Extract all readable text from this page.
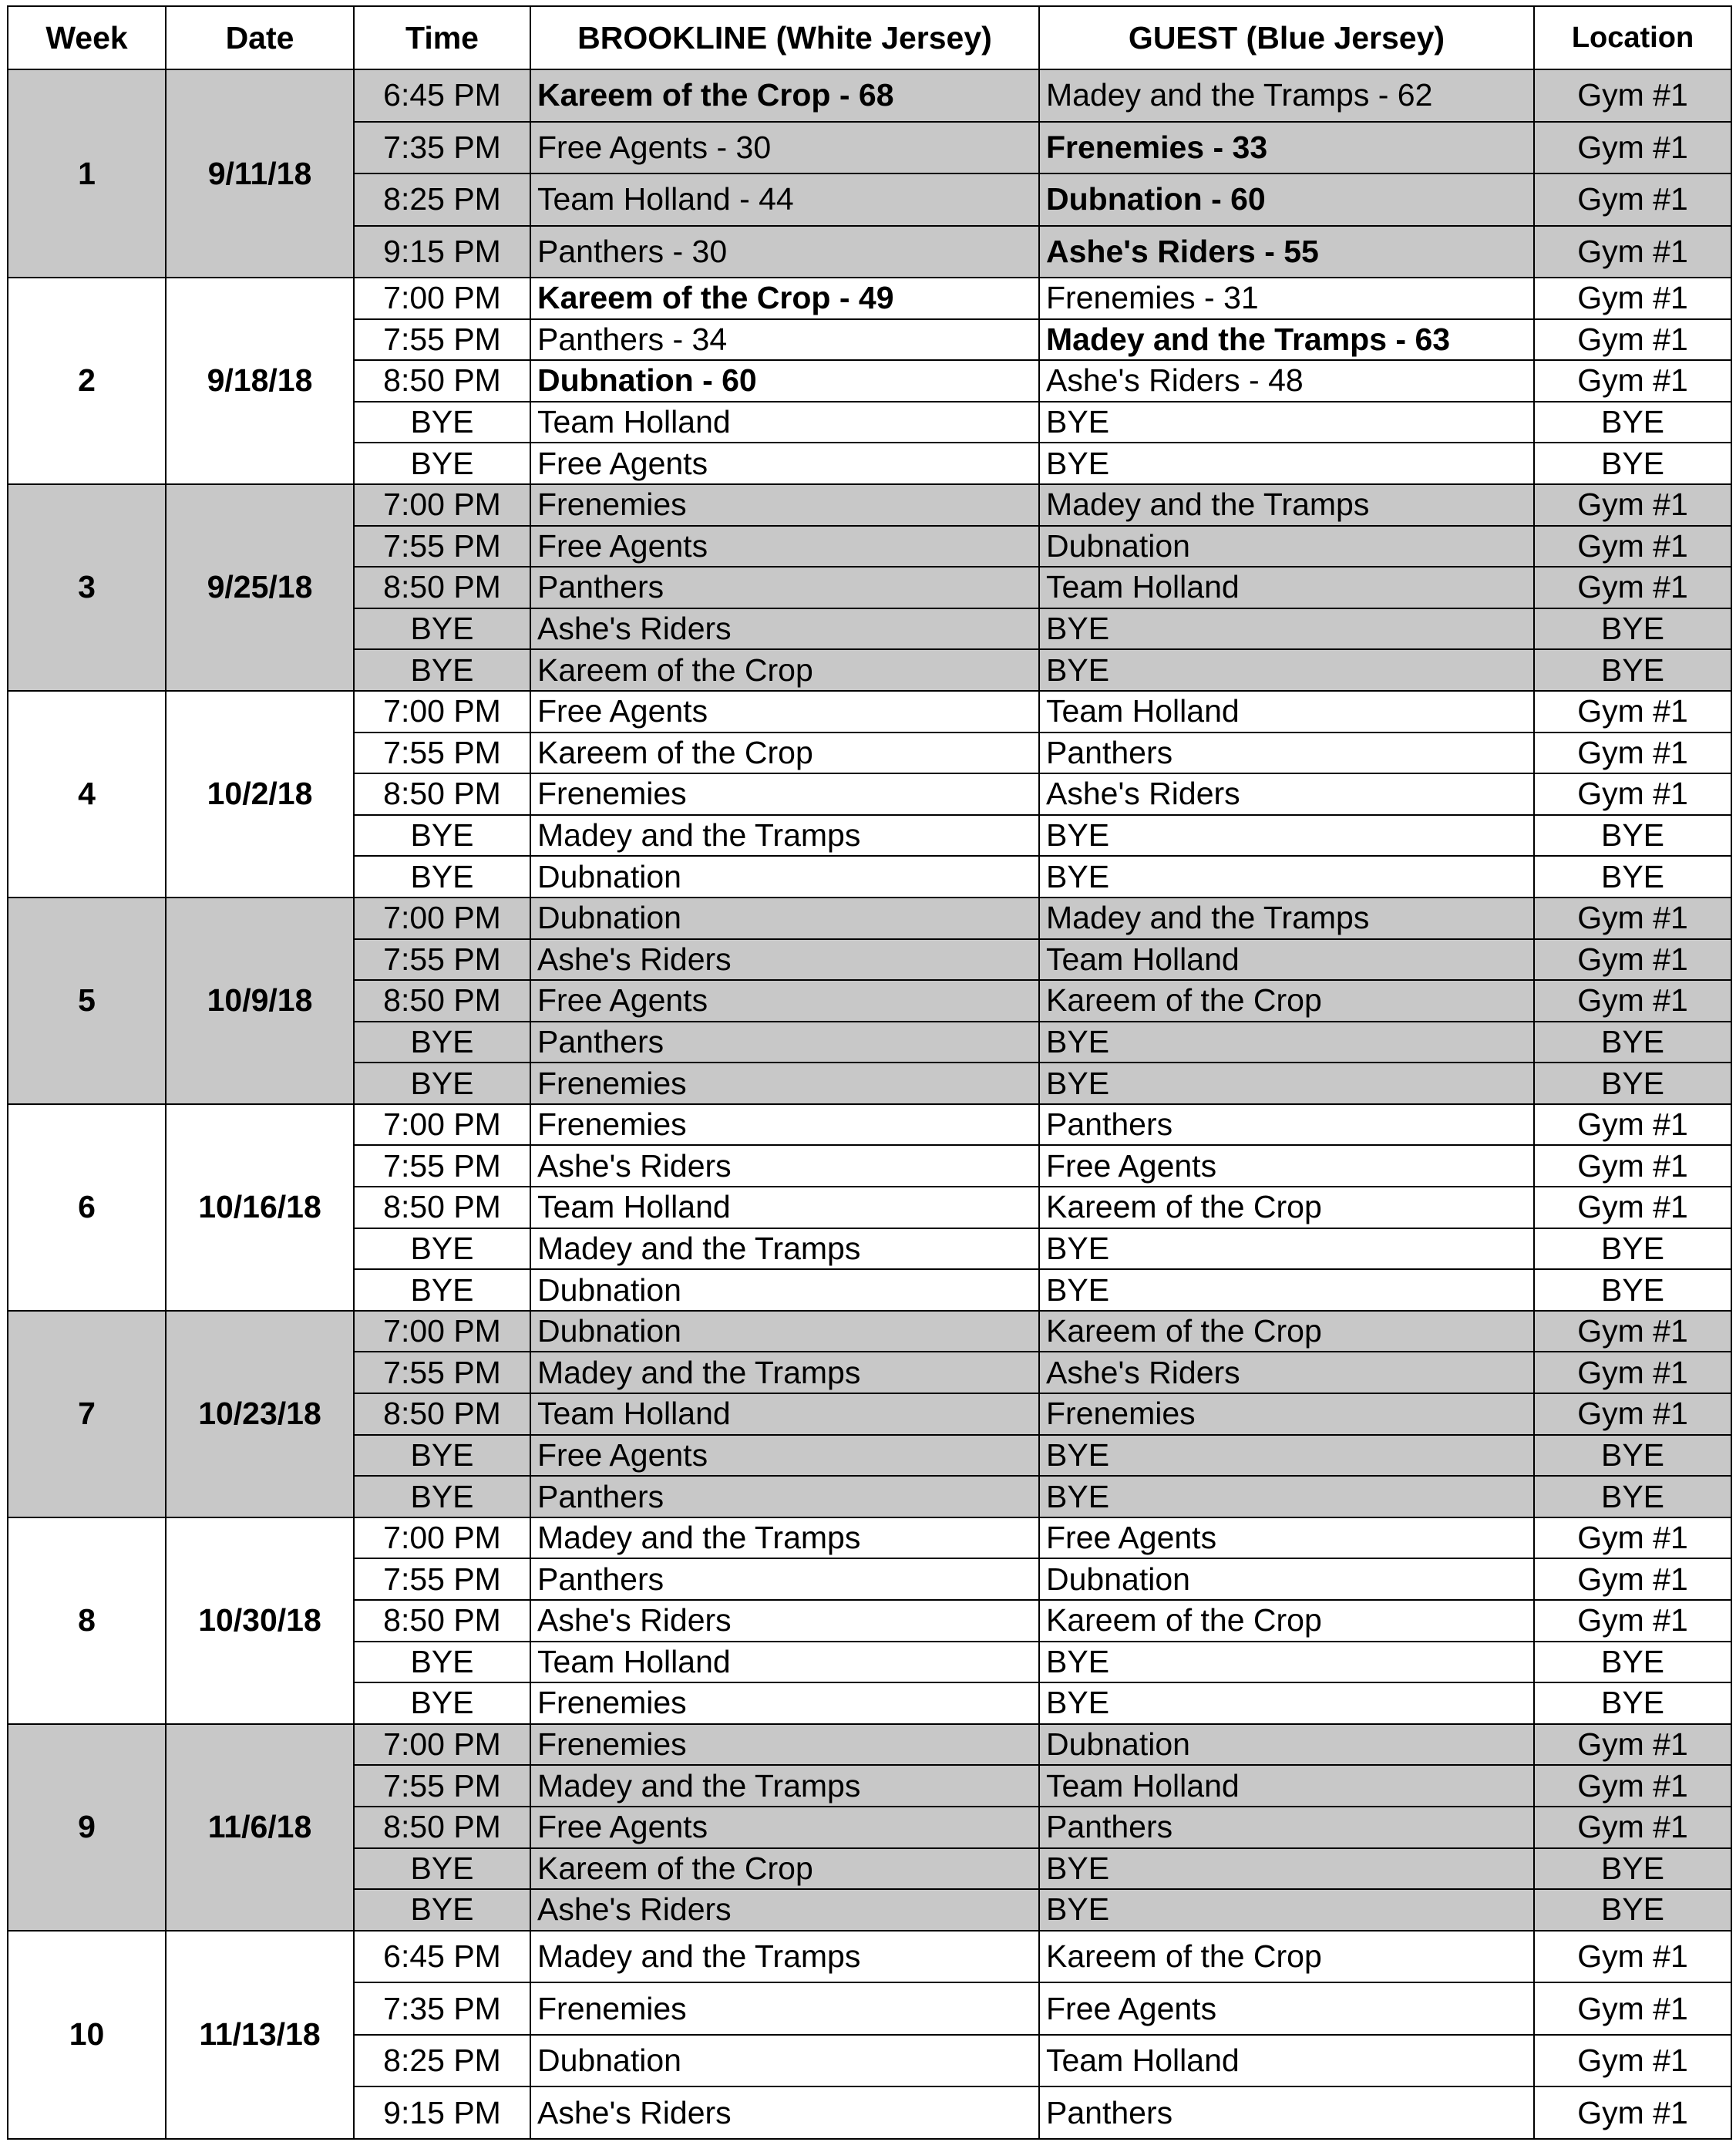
Week	Date	Time	BROOKLINE (White Jersey)	GUEST (Blue Jersey)	Location
1	9/11/18	6:45 PM	Kareem of the Crop - 68	Madey and the Tramps - 62	Gym #1
		7:35 PM	Free Agents - 30	Frenemies - 33	Gym #1
		8:25 PM	Team Holland - 44	Dubnation - 60	Gym #1
		9:15 PM	Panthers - 30	Ashe's Riders - 55	Gym #1
2	9/18/18	7:00 PM	Kareem of the Crop - 49	Frenemies - 31	Gym #1
		7:55 PM	Panthers - 34	Madey and the Tramps - 63	Gym #1
		8:50 PM	Dubnation - 60	Ashe's Riders - 48	Gym #1
		BYE	Team Holland	BYE	BYE
		BYE	Free Agents	BYE	BYE
3	9/25/18	7:00 PM	Frenemies	Madey and the Tramps	Gym #1
		7:55 PM	Free Agents	Dubnation	Gym #1
		8:50 PM	Panthers	Team Holland	Gym #1
		BYE	Ashe's Riders	BYE	BYE
		BYE	Kareem of the Crop	BYE	BYE
4	10/2/18	7:00 PM	Free Agents	Team Holland	Gym #1
		7:55 PM	Kareem of the Crop	Panthers	Gym #1
		8:50 PM	Frenemies	Ashe's Riders	Gym #1
		BYE	Madey and the Tramps	BYE	BYE
		BYE	Dubnation	BYE	BYE
5	10/9/18	7:00 PM	Dubnation	Madey and the Tramps	Gym #1
		7:55 PM	Ashe's Riders	Team Holland	Gym #1
		8:50 PM	Free Agents	Kareem of the Crop	Gym #1
		BYE	Panthers	BYE	BYE
		BYE	Frenemies	BYE	BYE
6	10/16/18	7:00 PM	Frenemies	Panthers	Gym #1
		7:55 PM	Ashe's Riders	Free Agents	Gym #1
		8:50 PM	Team Holland	Kareem of the Crop	Gym #1
		BYE	Madey and the Tramps	BYE	BYE
		BYE	Dubnation	BYE	BYE
7	10/23/18	7:00 PM	Dubnation	Kareem of the Crop	Gym #1
		7:55 PM	Madey and the Tramps	Ashe's Riders	Gym #1
		8:50 PM	Team Holland	Frenemies	Gym #1
		BYE	Free Agents	BYE	BYE
		BYE	Panthers	BYE	BYE
8	10/30/18	7:00 PM	Madey and the Tramps	Free Agents	Gym #1
		7:55 PM	Panthers	Dubnation	Gym #1
		8:50 PM	Ashe's Riders	Kareem of the Crop	Gym #1
		BYE	Team Holland	BYE	BYE
		BYE	Frenemies	BYE	BYE
9	11/6/18	7:00 PM	Frenemies	Dubnation	Gym #1
		7:55 PM	Madey and the Tramps	Team Holland	Gym #1
		8:50 PM	Free Agents	Panthers	Gym #1
		BYE	Kareem of the Crop	BYE	BYE
		BYE	Ashe's Riders	BYE	BYE
10	11/13/18	6:45 PM	Madey and the Tramps	Kareem of the Crop	Gym #1
		7:35 PM	Frenemies	Free Agents	Gym #1
		8:25 PM	Dubnation	Team Holland	Gym #1
		9:15 PM	Ashe's Riders	Panthers	Gym #1
